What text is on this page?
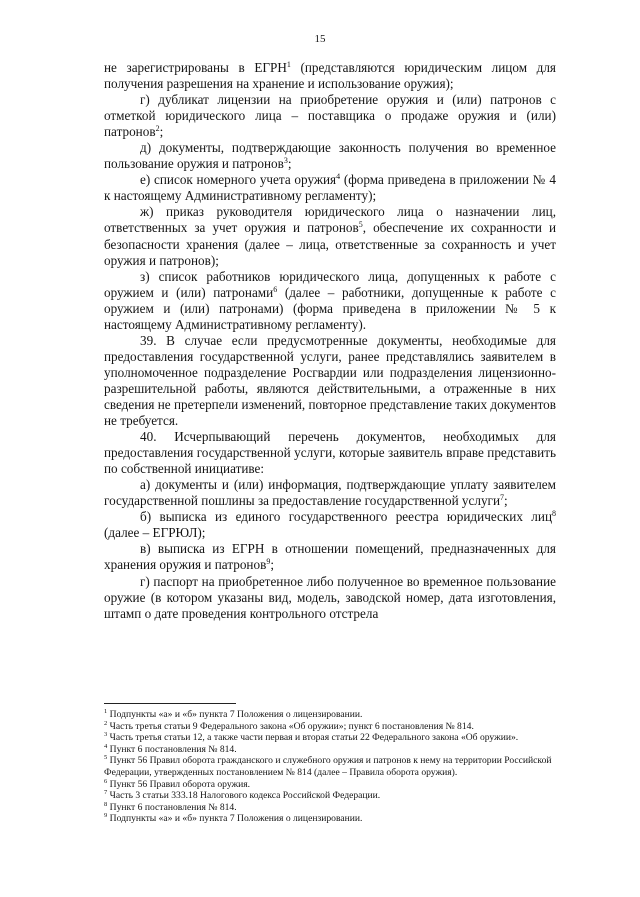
15

не зарегистрированы в ЕГРН$^1$ (представляются юридическим лицом для получения разрешения на хранение и использование оружия);

г) дубликат лицензии на приобретение оружия и (или) патронов с отметкой юридического лица – поставщика о продаже оружия и (или) патронов$^2$;

д) документы, подтверждающие законность получения во временное пользование оружия и патронов$^3$;

е) список номерного учета оружия$^4$ (форма приведена в приложении № 4 к настоящему Административному регламенту);

ж) приказ руководителя юридического лица о назначении лиц, ответственных за учет оружия и патронов$^5$, обеспечение их сохранности и безопасности хранения (далее – лица, ответственные за сохранность и учет оружия и патронов);

з) список работников юридического лица, допущенных к работе с оружием и (или) патронами$^6$ (далее – работники, допущенные к работе с оружием и (или) патронами) (форма приведена в приложении № 5 к настоящему Административному регламенту).

39. В случае если предусмотренные документы, необходимые для предоставления государственной услуги, ранее представлялись заявителем в уполномоченное подразделение Росгвардии или подразделения лицензионно-разрешительной работы, являются действительными, а отраженные в них сведения не претерпели изменений, повторное представление таких документов не требуется.

40. Исчерпывающий перечень документов, необходимых для предоставления государственной услуги, которые заявитель вправе представить по собственной инициативе:

а) документы и (или) информация, подтверждающие уплату заявителем государственной пошлины за предоставление государственной услуги$^7$;

б) выписка из единого государственного реестра юридических лиц$^8$ (далее – ЕГРЮЛ);

в) выписка из ЕГРН в отношении помещений, предназначенных для хранения оружия и патронов$^9$;

г) паспорт на приобретенное либо полученное во временное пользование оружие (в котором указаны вид, модель, заводской номер, дата изготовления, штамп о дате проведения контрольного отстрела

$^1$ Подпункты «а» и «б» пункта 7 Положения о лицензировании.

$^2$ Часть третья статьи 9 Федерального закона «Об оружии»; пункт 6 постановления № 814.

$^3$ Часть третья статьи 12, а также части первая и вторая статьи 22 Федерального закона «Об оружии».

$^4$ Пункт 6 постановления № 814.

$^5$ Пункт 56 Правил оборота гражданского и служебного оружия и патронов к нему на территории Российской Федерации, утвержденных постановлением № 814 (далее – Правила оборота оружия).

$^6$ Пункт 56 Правил оборота оружия.

$^7$ Часть 3 статьи 333.18 Налогового кодекса Российской Федерации.

$^8$ Пункт 6 постановления № 814.

$^9$ Подпункты «а» и «б» пункта 7 Положения о лицензировании.
